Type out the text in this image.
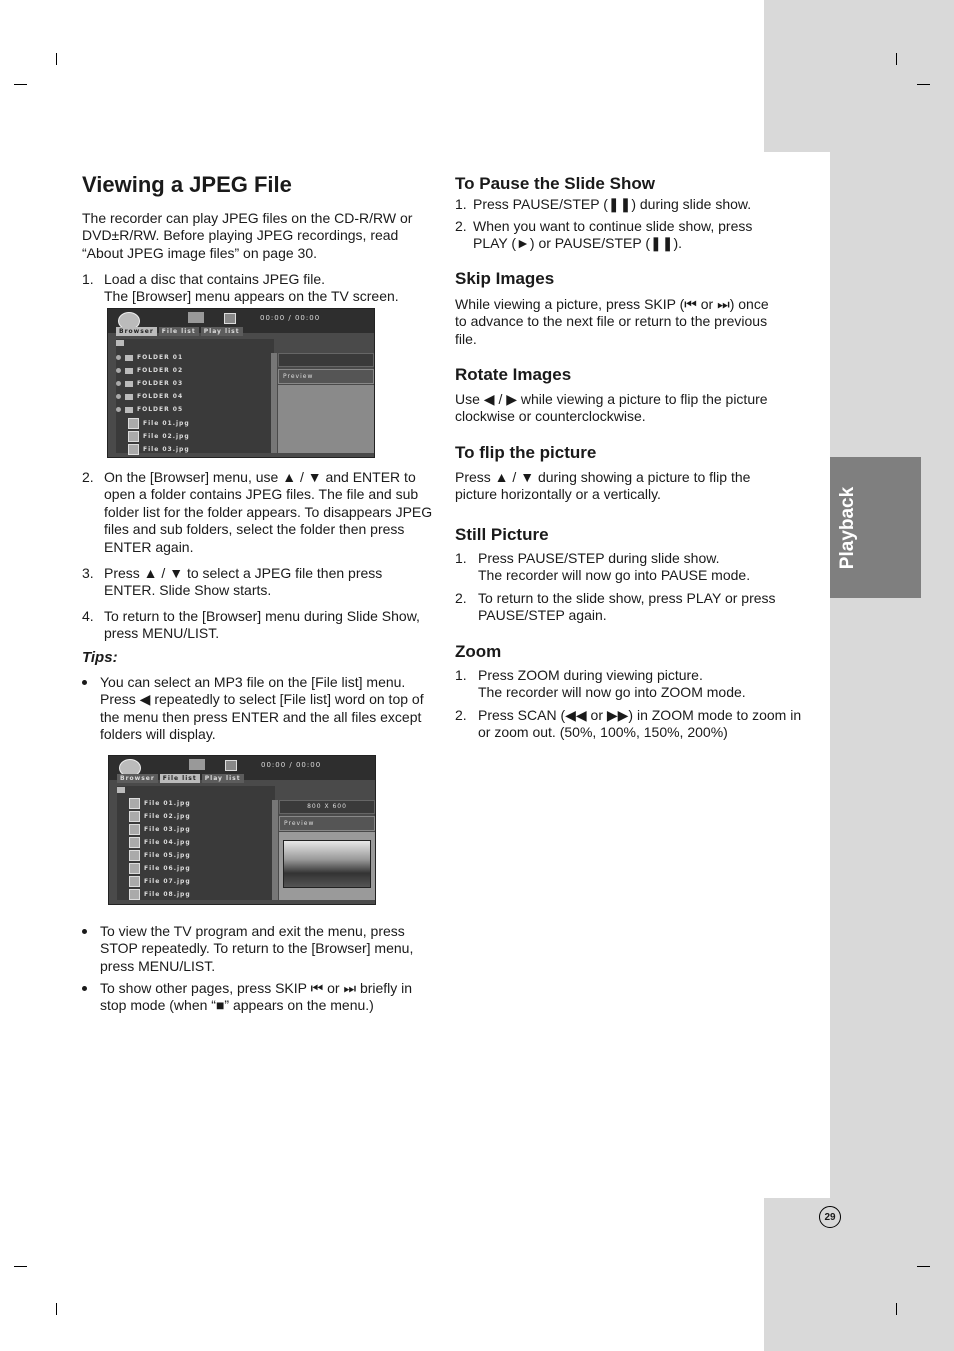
Playback
29
Viewing a JPEG File
The recorder can play JPEG files on the CD-R/RW or DVD±R/RW. Before playing JPEG recordings, read “About JPEG image files” on page 30.
1. Load a disc that contains JPEG file.
The [Browser] menu appears on the TV screen.
00:00 / 00:00
Browser	File list	Play list
FOLDER 01
FOLDER 02
FOLDER 03
FOLDER 04
FOLDER 05
File 01.jpg
File 02.jpg
File 03.jpg
Preview
2. On the [Browser] menu, use ▲ / ▼ and ENTER to open a folder contains JPEG files. The file and sub folder list for the folder appears. To disappears JPEG files and sub folders, select the folder then press ENTER again.
3. Press ▲ / ▼ to select a JPEG file then press ENTER. Slide Show starts.
4. To return to the [Browser] menu during Slide Show, press MENU/LIST.
Tips:
You can select an MP3 file on the [File list] menu. Press ◀ repeatedly to select [File list] word on top of the menu then press ENTER and the all files except folders will display.
00:00 / 00:00
Browser	File list	Play list
File 01.jpg
File 02.jpg
File 03.jpg
File 04.jpg
File 05.jpg
File 06.jpg
File 07.jpg
File 08.jpg
800 X 600
Preview
To view the TV program and exit the menu, press STOP repeatedly. To return to the [Browser] menu, press MENU/LIST.
To show other pages, press SKIP ⏮ or ⏭ briefly in stop mode (when “■” appears on the menu.)
To Pause the Slide Show
1. Press PAUSE/STEP (❚❚) during slide show.
2. When you want to continue slide show, press PLAY (►) or PAUSE/STEP (❚❚).
Skip Images
While viewing a picture, press SKIP (⏮ or ⏭) once to advance to the next file or return to the previous file.
Rotate Images
Use ◀ / ▶ while viewing a picture to flip the picture clockwise or counterclockwise.
To flip the picture
Press ▲ / ▼ during showing a picture to flip the picture horizontally or a vertically.
Still Picture
1. Press PAUSE/STEP during slide show.
The recorder will now go into PAUSE mode.
2. To return to the slide show, press PLAY or press PAUSE/STEP again.
Zoom
1. Press ZOOM during viewing picture.
The recorder will now go into ZOOM mode.
2. Press SCAN (◀◀ or ▶▶) in ZOOM mode to zoom in or zoom out. (50%, 100%, 150%, 200%)
